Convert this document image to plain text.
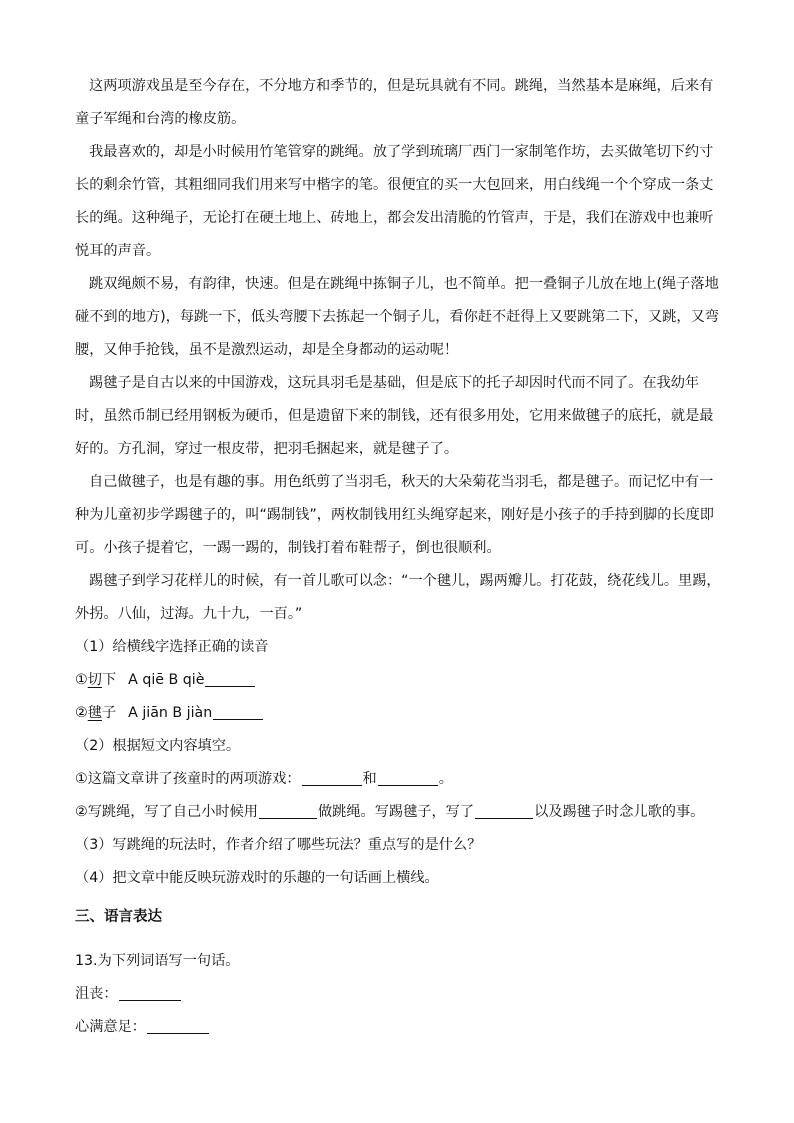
这两项游戏虽是至今存在，不分地方和季节的，但是玩具就有不同。跳绳，当然基本是麻绳，后来有童子军绳和台湾的橡皮筋。

我最喜欢的，却是小时候用竹笔管穿的跳绳。放了学到琉璃厂西门一家制笔作坊，去买做笔切下约寸长的剩余竹管，其粗细同我们用来写中楷字的笔。很便宜的买一大包回来，用白线绳一个个穿成一条丈长的绳。这种绳子，无论打在硬土地上、砖地上，都会发出清脆的竹管声，于是，我们在游戏中也兼听悦耳的声音。

跳双绳颇不易，有韵律，快速。但是在跳绳中拣铜子儿，也不简单。把一叠铜子儿放在地上(绳子落地碰不到的地方)，每跳一下，低头弯腰下去拣起一个铜子儿，看你赶不赶得上又要跳第二下，又跳，又弯腰，又伸手抢钱，虽不是激烈运动，却是全身都动的运动呢！

踢毽子是自古以来的中国游戏，这玩具羽毛是基础，但是底下的托子却因时代而不同了。在我幼年时，虽然币制已经用钢板为硬币，但是遗留下来的制钱，还有很多用处，它用来做毽子的底托，就是最好的。方孔洞，穿过一根皮带，把羽毛捆起来，就是毽子了。

自己做毽子，也是有趣的事。用色纸剪了当羽毛，秋天的大朵菊花当羽毛，都是毽子。而记忆中有一种为儿童初步学踢毽子的，叫“踢制钱”，两枚制钱用红头绳穿起来，刚好是小孩子的手持到脚的长度即可。小孩子提着它，一踢一踢的，制钱打着布鞋帮子，倒也很顺利。

踢毽子到学习花样儿的时候，有一首儿歌可以念：“一个毽儿，踢两瓣儿。打花鼓，绕花线儿。里踢，外拐。八仙，过海。九十九，一百。”

（1）给横线字选择正确的读音

①切下 A qiē B qiè

②毽子 A jiān B jiàn

（2）根据短文内容填空。

①这篇文章讲了孩童时的两项游戏：	和	。

②写跳绳，写了自己小时候用	做跳绳。写踢毽子，写了	以及踢毽子时念儿歌的事。

（3）写跳绳的玩法时，作者介绍了哪些玩法？重点写的是什么？

（4）把文章中能反映玩游戏时的乐趣的一句话画上横线。

三、语言表达

13.为下列词语写一句话。

沮丧：

心满意足：
